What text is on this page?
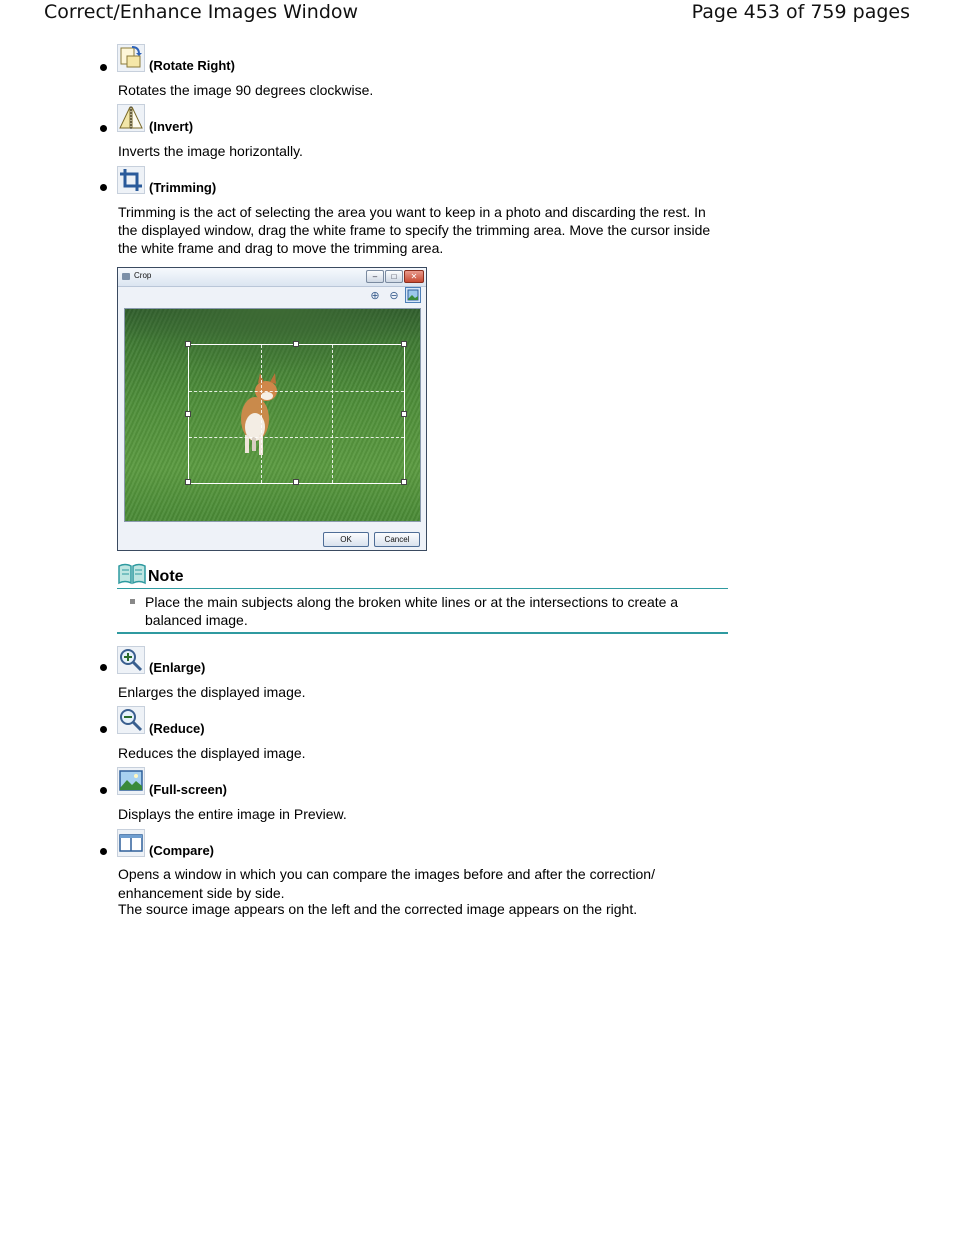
Correct/Enhance Images Window	Page 453 of 759 pages
(Rotate Right)
Rotates the image 90 degrees clockwise.
(Invert)
Inverts the image horizontally.
(Trimming)
Trimming is the act of selecting the area you want to keep in a photo and discarding the rest. In the displayed window, drag the white frame to specify the trimming area. Move the cursor inside the white frame and drag to move the trimming area.
Crop	–	□	✕
⊕ ⊖
OK	Cancel
Note
Place the main subjects along the broken white lines or at the intersections to create a balanced image.
(Enlarge)
Enlarges the displayed image.
(Reduce)
Reduces the displayed image.
(Full-screen)
Displays the entire image in Preview.
(Compare)
Opens a window in which you can compare the images before and after the correction/ enhancement side by side.
The source image appears on the left and the corrected image appears on the right.
